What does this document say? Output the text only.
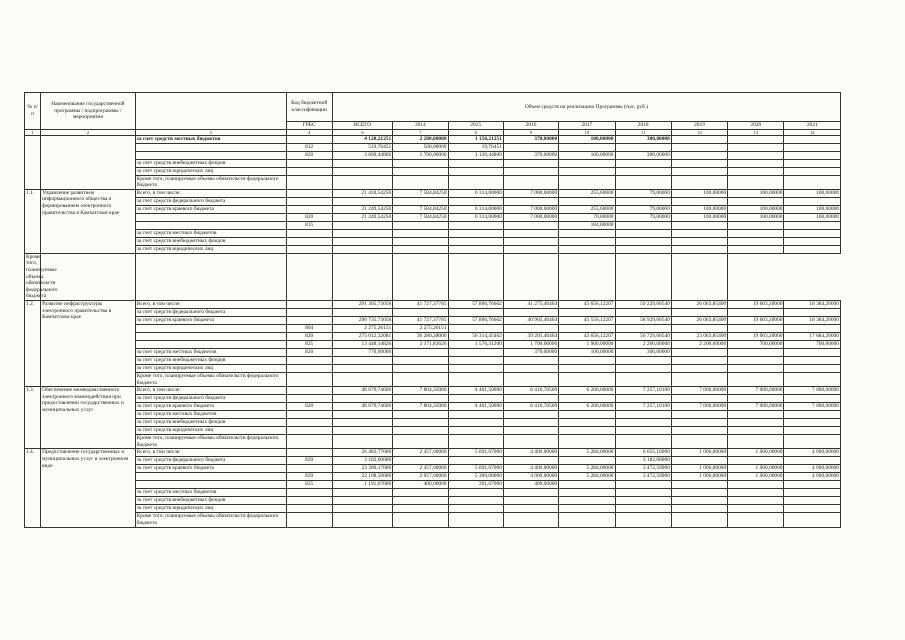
№ п/п	Наименование государственной программы / подпрограммы / мероприятия		Код бюджетной классификации	Объем средств на реализацию Программы (тыс. руб.)								
			ГРБС	ВСЕГО	2014	2015	2016	2017	2018	2019	2020	2021
1	2	3	4	6	7	8	9	10	11	12	13	14
		за счет средств местных бюджетов		4 120,21251	2 280,00000	1 150,21251	370,00000	100,00000	300,00000			
			812	519,76451	500,00000	19,76451						
			820	3 600,44800	1 700,00000	1 130,44800	370,00000	100,00000	300,00000			
		за счет средств внебюджетных фондов										
		за счет средств юридических лиц										
		Кроме того, планируемые объемы обязательств федерального бюджета										
1.1.	Управление развитием информационного общества и формированием электронного правительства в Камчатском крае	Всего, в том числе:		21 434,54250	7 584,84250	6 314,00000	7 000,00000	255,60000	79,00000	100,00000	100,00000	100,00000
		за счет средств федерального бюджета										
		за счет средств краевого бюджета		21 249,54250	7 584,84250	6 314,00000	7 000,00000	255,60000	79,00000	100,00000	100,00000	100,00000
			820	21 249,54250	7 584,84250	6 314,00000	7 000,00000	70,80000	79,00000	100,00000	100,00000	100,00000
			815					184,80000				
		за счет средств местных бюджетов										
		за счет средств внебюджетных фондов										
		за счет средств юридических лиц										
Кроме того, планируемые объемы обязательств федерального бюджета												
1.2.	Развитие инфраструктуры электронного правительства в Камчатском крае	Всего, в том числе:		291 305,73058	41 727,37785	57 890,76662	41 275,40464	45 656,12207	59 229,00540	26 063,85400	19 603,20000	18 384,20000
		за счет средств федерального бюджета										
		за счет средств краевого бюджета		290 735,73058	41 727,37785	57 890,76662	40 905,40464	45 556,12207	58 929,00540	26 063,85400	19 603,20000	18 384,20000
			804	2 275,26151	2 275,26151							
			820	275 012,32081	36 280,28000	56 314,45462	39 205,40464	43 656,12207	56 729,00540	23 063,85400	19 903,20000	17 684,20000
			825	13 448,14826	2 171,83626	1 576,31200	1 700,00000	1 900,00000	2 200,00000	2 200,00000	700,00000	700,00000
		за счет средств местных бюджетов	820	770,00000			370,00000	100,00000	300,00000			
		за счет средств внебюджетных фондов										
		за счет средств юридических лиц										
		Кроме того, планируемые объемы обязательств федерального бюджета										
1.3.	Обеспечение межведомственного электронного взаимодействия при предоставлении государственных и муниципальных услуг	Всего, в том числе:		46 079,74600	7 804,35000	4 401,50000	6 416,70500	6 200,00000	7 257,10100	7 000,00000	7 000,00000	7 000,00000
		за счет средств федерального бюджета										
		за счет средств краевого бюджета	820	46 079,74600	7 804,35000	4 401,50000	6 416,70500	6 200,00000	7 257,10100	7 000,00000	7 000,00000	7 000,00000
		за счет средств местных бюджетов										
		за счет средств внебюджетных фондов										
		за счет средств юридических лиц										
		Кроме того, планируемые объемы обязательств федерального бюджета										
1.4.	Предоставление государственных и муниципальных услуг в электронном виде	Всего, в том числе:		26 482,77000	2 457,00000	5 691,67000	4 400,00000	5 284,00000	6 655,10000	1 000,00000	1 000,00000	4 000,00000
		за счет средств федерального бюджета	820	3 182,60000					3 182,60000			
		за счет средств краевого бюджета		23 300,17000	2 457,00000	5 691,67000	4 400,00000	5 284,00000	3 472,50000	1 000,00000	1 000,00000	4 000,00000
			820	22 108,50000	2 057,00000	5 300,00000	4 000,00000	5 284,00000	3 472,50000	1 000,00000	1 000,00000	4 000,00000
			825	1 191,67000	400,00000	391,67000	400,00000					
		за счет средств местных бюджетов										
		за счет средств внебюджетных фондов										
		за счет средств юридических лиц										
		Кроме того, планируемые объемы обязательств федерального бюджета										
